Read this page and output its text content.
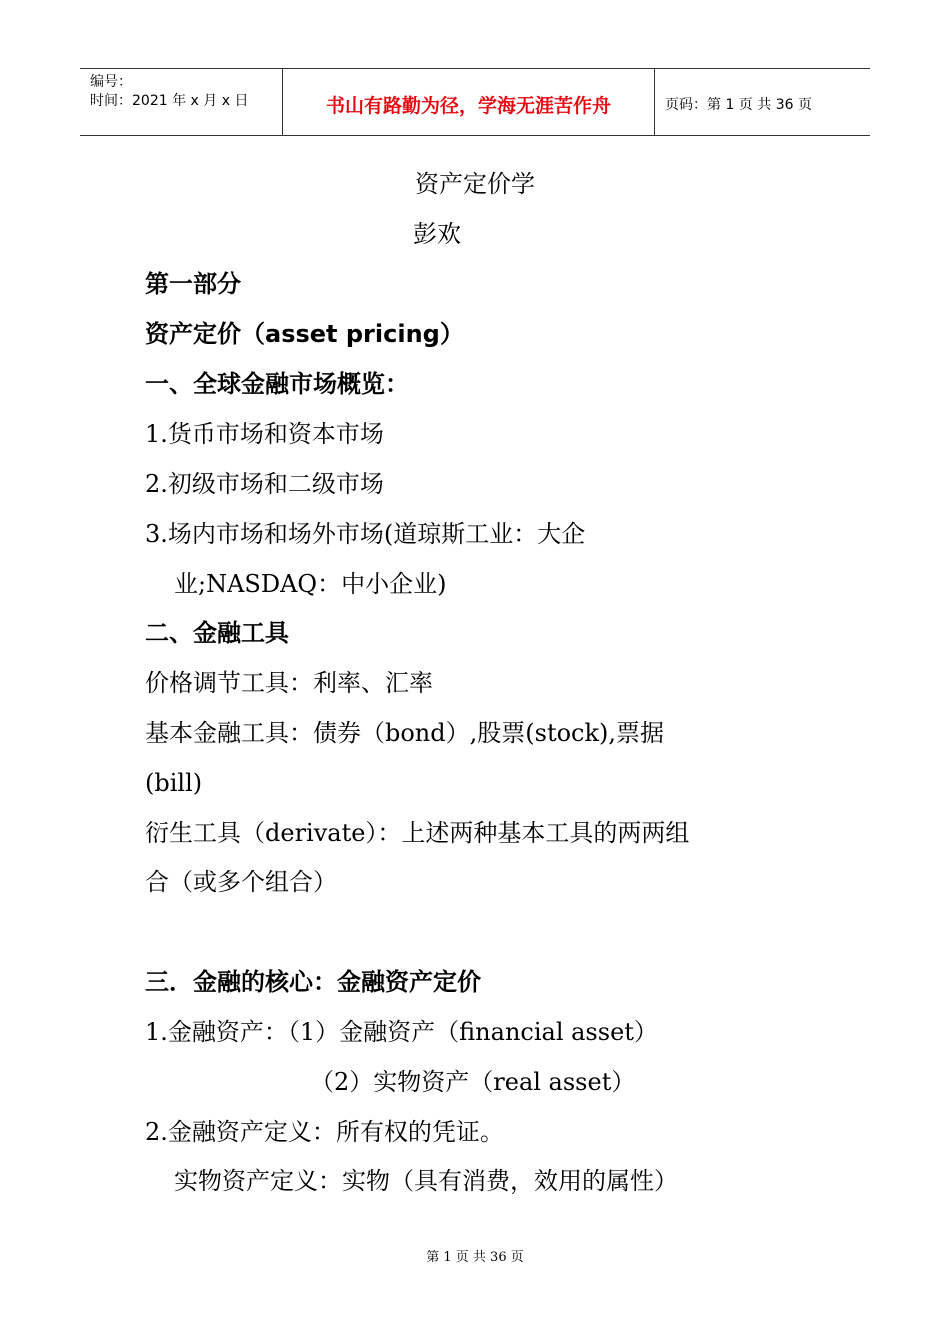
编号：
时间：2021 年 x 月 x 日	书山有路勤为径，学海无涯苦作舟	页码：第 1 页 共 36 页
资产定价学
彭欢
第一部分
资产定价（asset pricing）
一、全球金融市场概览：
1.货币市场和资本市场
2.初级市场和二级市场
3.场内市场和场外市场(道琼斯工业：大企
业;NASDAQ：中小企业)
二、金融工具
价格调节工具：利率、汇率
基本金融工具：债券（bond）,股票(stock),票据
(bill)
衍生工具（derivate）：上述两种基本工具的两两组
合（或多个组合）
三．金融的核心：金融资产定价
1.金融资产：（1）金融资产（financial asset）
（2）实物资产（real asset）
2.金融资产定义：所有权的凭证。
实物资产定义：实物（具有消费，效用的属性）
第 1 页 共 36 页
